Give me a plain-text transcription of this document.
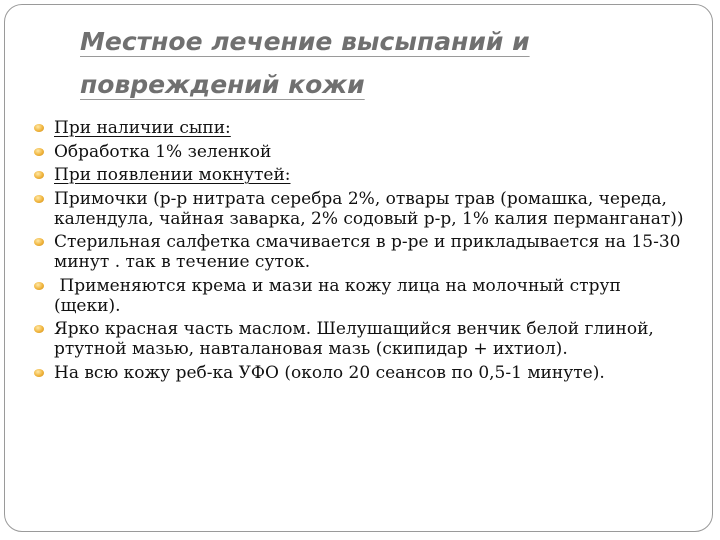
Местное лечение высыпаний и
повреждений кожи
При наличии сыпи:
Обработка 1% зеленкой
При появлении мокнутей:
Примочки (р-р нитрата серебра 2%, отвары трав (ромашка, череда, календула, чайная заварка, 2% содовый р-р, 1% калия перманганат))
Стерильная салфетка смачивается в р-ре и прикладывается на 15-30 минут . так в течение суток.
Применяются крема и мази на кожу лица на молочный струп (щеки).
Ярко красная часть маслом. Шелушащийся венчик белой глиной, ртутной мазью, навталановая мазь (скипидар + ихтиол).
На всю кожу реб-ка УФО (около 20 сеансов по 0,5-1 минуте).
